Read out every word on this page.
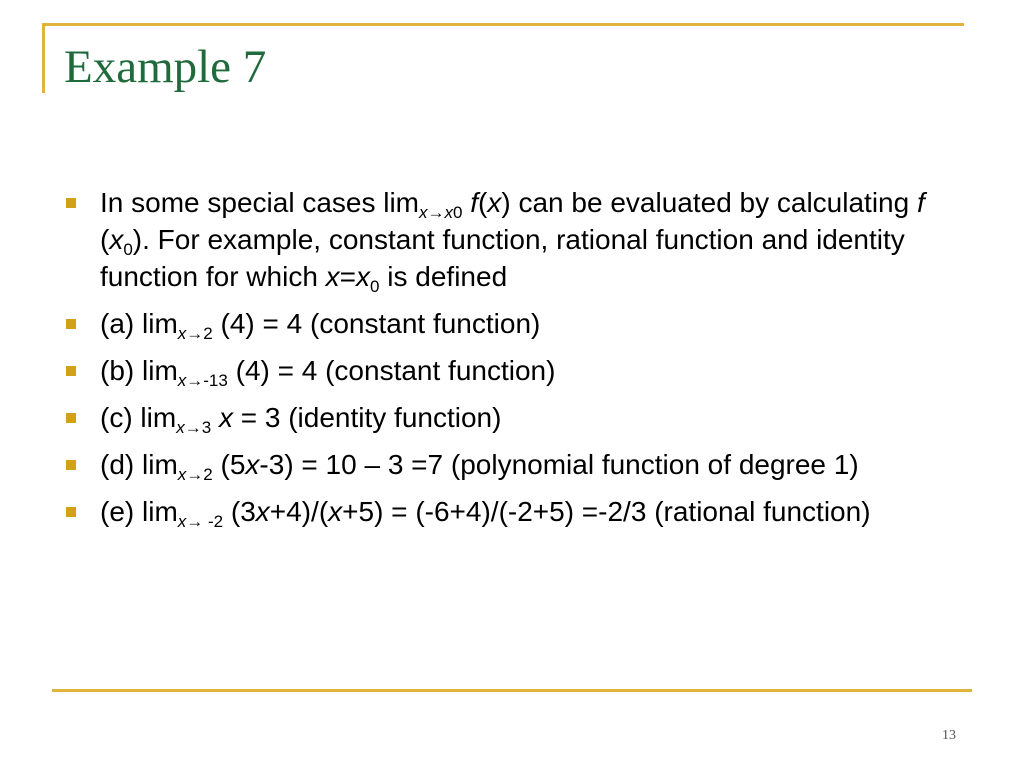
Example 7
In some special cases $\lim_{x\to x0} f(x)$ can be evaluated by calculating f $(x_0)$. For example, constant function, rational function and identity function for which $x=x_0$ is defined
(a) $\lim_{x\to 2} (4) = 4$ (constant function)
(b) $\lim_{x\to-13} (4) = 4$ (constant function)
(c) $\lim_{x\to 3} x = 3$ (identity function)
(d) $\lim_{x\to 2} (5x-3) = 10 - 3 =7$ (polynomial function of degree 1)
(e) $\lim_{x\to -2} (3x+4)/(x+5) = (-6+4)/(-2+5) =-2/3$ (rational function)
13
